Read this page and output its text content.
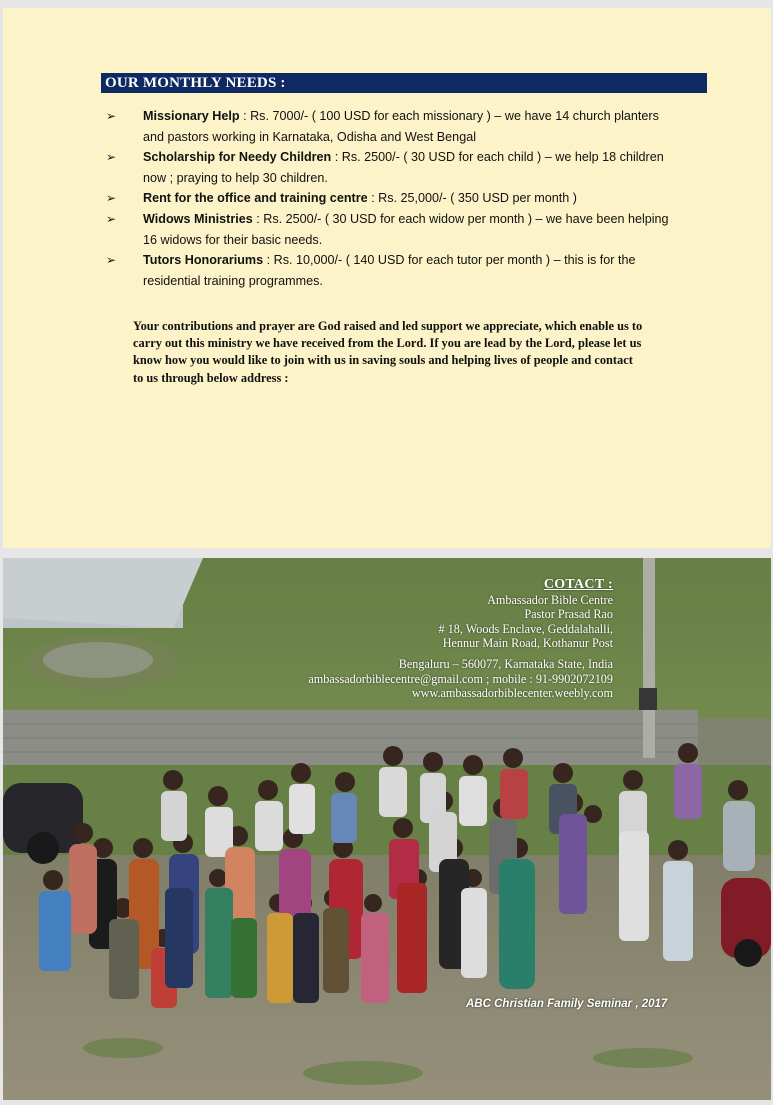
OUR MONTHLY NEEDS :
➢ Missionary Help : Rs. 7000/- ( 100 USD for each missionary ) – we have 14 church planters
and pastors working in Karnataka, Odisha and West Bengal
➢ Scholarship for Needy Children : Rs. 2500/- ( 30 USD for each child ) – we help 18 children
now ; praying to help 30 children.
➢ Rent for the office and training centre : Rs. 25,000/- ( 350 USD per month )
➢ Widows Ministries : Rs. 2500/- ( 30 USD for each widow per month ) – we have been helping
16 widows for their basic needs.
➢ Tutors Honorariums : Rs. 10,000/- ( 140 USD for each tutor per month ) – this is for the
residential training programmes.
Your contributions and prayer are God raised and led support we appreciate, which enable us to
carry out this ministry we have received from the Lord. If you are lead by the Lord, please let us
know how you would like to join with us in saving souls and helping lives of people and contact
to us through below address :
COTACT :
Ambassador Bible Centre
Pastor Prasad Rao
# 18, Woods Enclave, Geddalahalli,
Hennur Main Road, Kothanur Post
Bengaluru – 560077, Karnataka State, India
ambassadorbiblecentre@gmail.com ; mobile : 91-9902072109
www.ambassadorbiblecenter.weebly.com
ABC Christian Family Seminar , 2017
